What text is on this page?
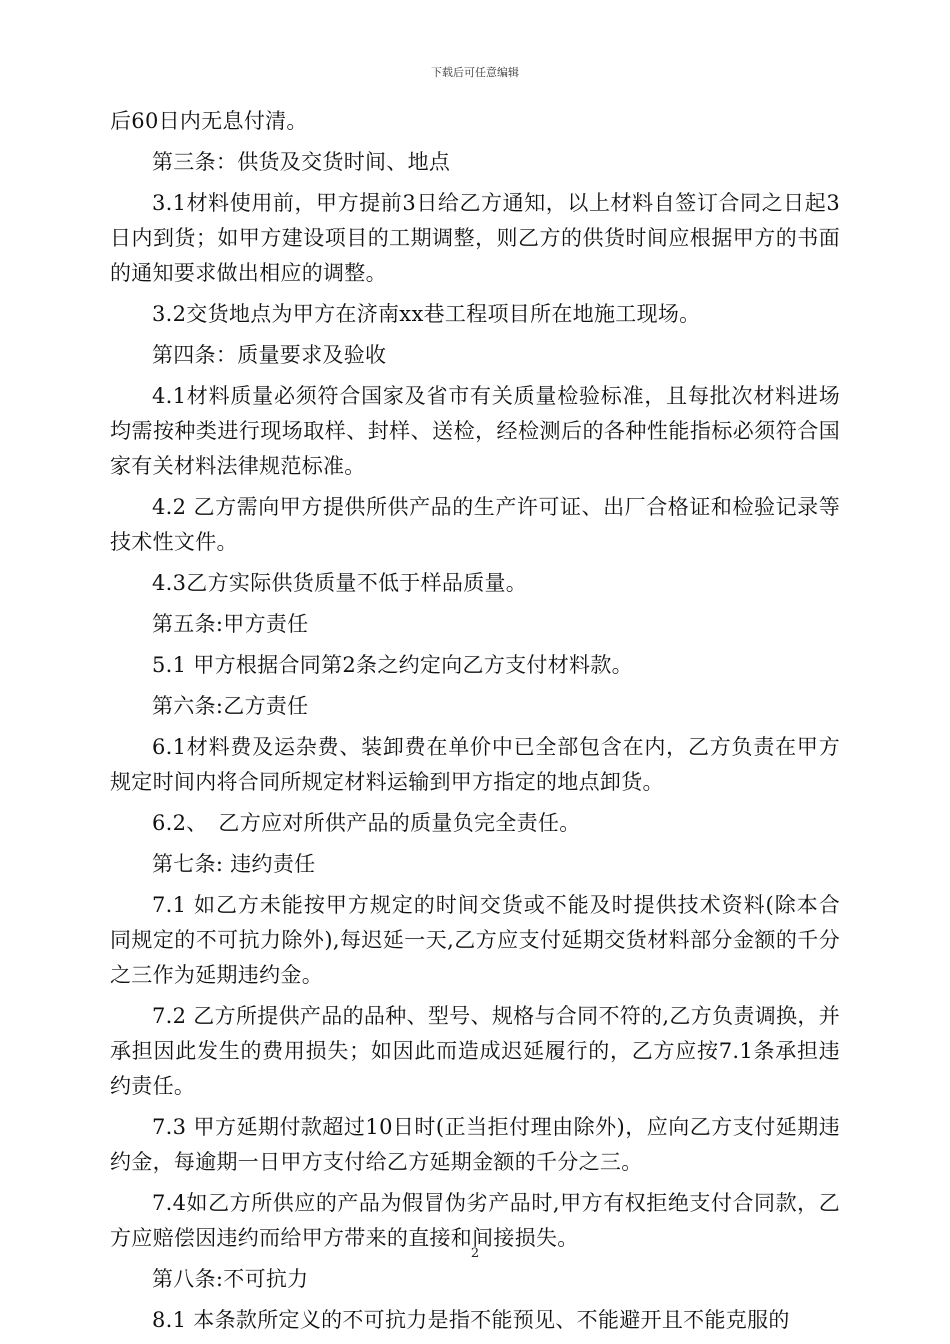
下载后可任意编辑

后60日内无息付清。

第三条：供货及交货时间、地点

3.1材料使用前，甲方提前3日给乙方通知，以上材料自签订合同之日起3日内到货；如甲方建设项目的工期调整，则乙方的供货时间应根据甲方的书面的通知要求做出相应的调整。

3.2交货地点为甲方在济南xx巷工程项目所在地施工现场。

第四条：质量要求及验收

4.1材料质量必须符合国家及省市有关质量检验标准，且每批次材料进场均需按种类进行现场取样、封样、送检，经检测后的各种性能指标必须符合国家有关材料法律规范标准。

4.2 乙方需向甲方提供所供产品的生产许可证、出厂合格证和检验记录等技术性文件。

4.3乙方实际供货质量不低于样品质量。

第五条:甲方责任

5.1 甲方根据合同第2条之约定向乙方支付材料款。

第六条:乙方责任

6.1材料费及运杂费、装卸费在单价中已全部包含在内，乙方负责在甲方规定时间内将合同所规定材料运输到甲方指定的地点卸货。

6.2、　乙方应对所供产品的质量负完全责任。

第七条: 违约责任

7.1 如乙方未能按甲方规定的时间交货或不能及时提供技术资料(除本合同规定的不可抗力除外),每迟延一天,乙方应支付延期交货材料部分金额的千分之三作为延期违约金。

7.2 乙方所提供产品的品种、型号、规格与合同不符的,乙方负责调换，并承担因此发生的费用损失；如因此而造成迟延履行的，乙方应按7.1条承担违约责任。

7.3 甲方延期付款超过10日时(正当拒付理由除外)，应向乙方支付延期违约金，每逾期一日甲方支付给乙方延期金额的千分之三。

7.4如乙方所供应的产品为假冒伪劣产品时,甲方有权拒绝支付合同款，乙方应赔偿因违约而给甲方带来的直接和间接损失。

第八条:不可抗力

8.1 本条款所定义的不可抗力是指不能预见、不能避开且不能克服的

2
